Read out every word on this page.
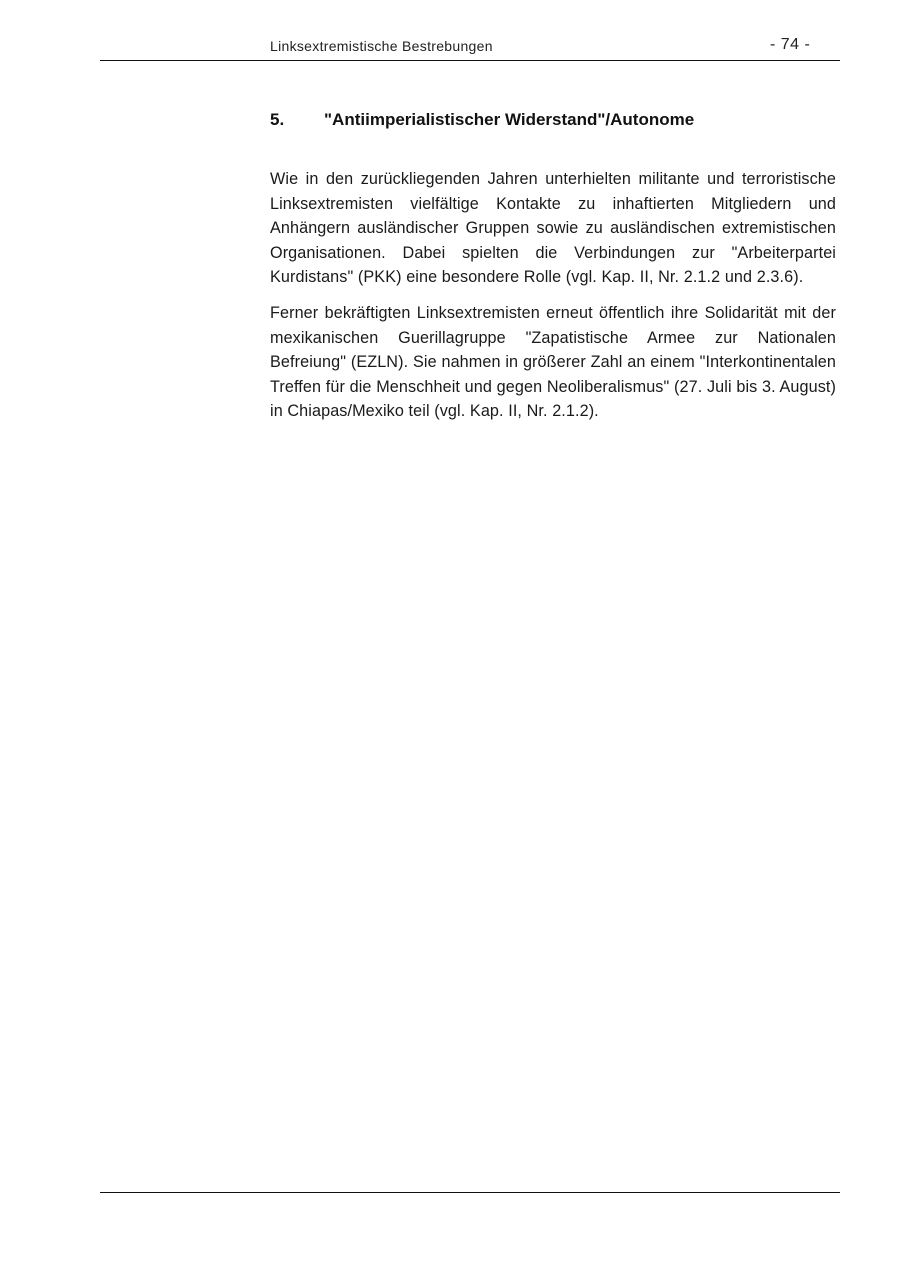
Linksextremistische Bestrebungen	- 74 -
5. "Antiimperialistischer Widerstand"/Autonome

Wie in den zurückliegenden Jahren unterhielten militante und terroristische Linksextremisten vielfältige Kontakte zu inhaftierten Mitgliedern und Anhängern ausländischer Gruppen sowie zu ausländischen extremistischen Organisationen. Dabei spielten die Verbindungen zur "Arbeiterpartei Kurdistans" (PKK) eine besondere Rolle (vgl. Kap. II, Nr. 2.1.2 und 2.3.6).

Ferner bekräftigten Linksextremisten erneut öffentlich ihre Solidarität mit der mexikanischen Guerillagruppe "Zapatistische Armee zur Nationalen Befreiung" (EZLN). Sie nahmen in größerer Zahl an einem "Interkontinentalen Treffen für die Menschheit und gegen Neoliberalismus" (27. Juli bis 3. August) in Chiapas/Mexiko teil (vgl. Kap. II, Nr. 2.1.2).
